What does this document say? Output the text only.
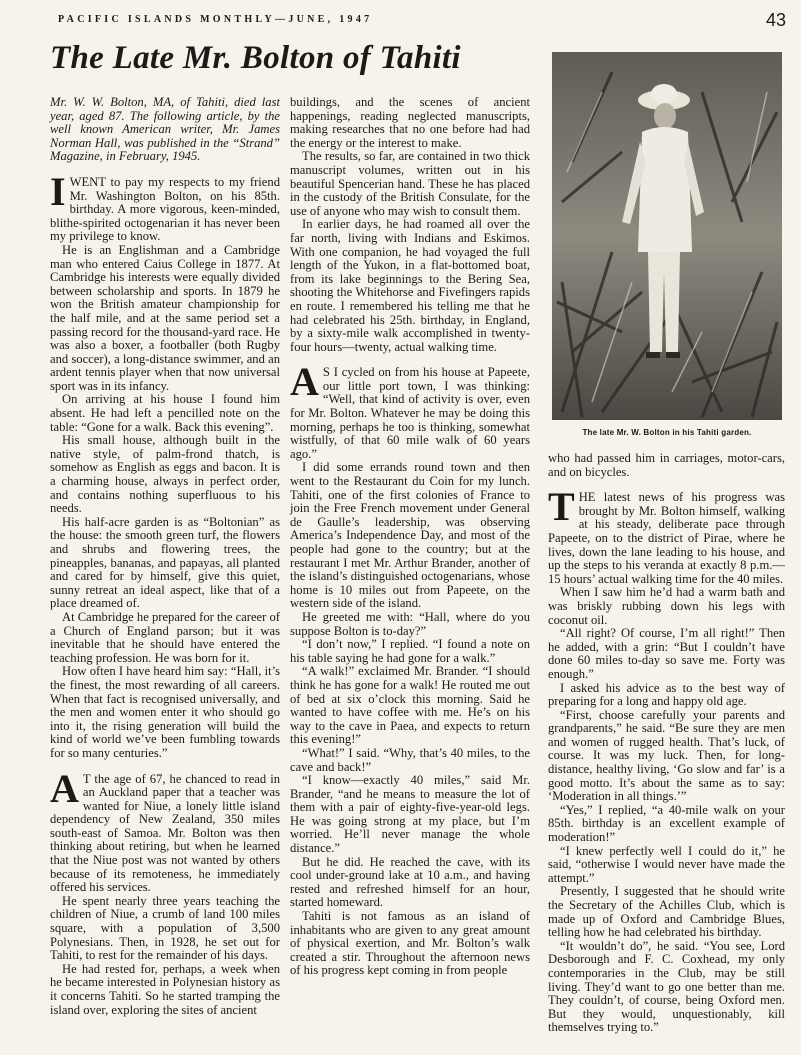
PACIFIC ISLANDS MONTHLY—JUNE, 1947	43
The Late Mr. Bolton of Tahiti

Mr. W. W. Bolton, MA, of Tahiti, died last year, aged 87. The following article, by the well known American writer, Mr. James Norman Hall, was published in the “Strand” Magazine, in February, 1945.

IWENT to pay my respects to my friend Mr. Washington Bolton, on his 85th. birthday. A more vigorous, keen-minded, blithe-spirited octogenarian it has never been my privilege to know.

He is an Englishman and a Cambridge man who entered Caius College in 1877. At Cambridge his interests were equally divided between scholarship and sports. In 1879 he won the British amateur championship for the half mile, and at the same period set a passing record for the thousand-yard race. He was also a boxer, a footballer (both Rugby and soccer), a long-distance swimmer, and an ardent tennis player when that now universal sport was in its infancy.

On arriving at his house I found him absent. He had left a pencilled note on the table: “Gone for a walk. Back this evening”.

His small house, although built in the native style, of palm-frond thatch, is somehow as English as eggs and bacon. It is a charming house, always in perfect order, and contains nothing superfluous to his needs.

His half-acre garden is as “Boltonian” as the house: the smooth green turf, the flowers and shrubs and flowering trees, the pineapples, bananas, and papayas, all planted and cared for by himself, give this quiet, sunny retreat an ideal aspect, like that of a place dreamed of.

At Cambridge he prepared for the career of a Church of England parson; but it was inevitable that he should have entered the teaching profession. He was born for it.

How often I have heard him say: “Hall, it’s the finest, the most rewarding of all careers. When that fact is recognised universally, and the men and women enter it who should go into it, the rising generation will build the kind of world we’ve been fumbling towards for so many centuries.”

A T the age of 67, he chanced to read in an Auckland paper that a teacher was wanted for Niue, a lonely little island dependency of New Zealand, 350 miles south-east of Samoa. Mr. Bolton was then thinking about retiring, but when he learned that the Niue post was not wanted by others because of its remoteness, he immediately offered his services.

He spent nearly three years teaching the children of Niue, a crumb of land 100 miles square, with a population of 3,500 Polynesians. Then, in 1928, he set out for Tahiti, to rest for the remainder of his days.

He had rested for, perhaps, a week when he became interested in Polynesian history as it concerns Tahiti. So he started tramping the island over, exploring the sites of ancient

buildings, and the scenes of ancient happenings, reading neglected manuscripts, making researches that no one before had had the energy or the interest to make.

The results, so far, are contained in two thick manuscript volumes, written out in his beautiful Spencerian hand. These he has placed in the custody of the British Consulate, for the use of anyone who may wish to consult them.

In earlier days, he had roamed all over the far north, living with Indians and Eskimos. With one companion, he had voyaged the full length of the Yukon, in a flat-bottomed boat, from its lake beginnings to the Bering Sea, shooting the Whitehorse and Fivefingers rapids en route. I remembered his telling me that he had celebrated his 25th. birthday, in England, by a sixty-mile walk accomplished in twenty-four hours—twenty, actual walking time.

A S I cycled on from his house at Papeete, our little port town, I was thinking: “Well, that kind of activity is over, even for Mr. Bolton. Whatever he may be doing this morning, perhaps he too is thinking, somewhat wistfully, of that 60 mile walk of 60 years ago.”

I did some errands round town and then went to the Restaurant du Coin for my lunch. Tahiti, one of the first colonies of France to join the Free French movement under General de Gaulle’s leadership, was observing America’s Independence Day, and most of the people had gone to the country; but at the restaurant I met Mr. Arthur Brander, another of the island’s distinguished octogenarians, whose home is 10 miles out from Papeete, on the western side of the island.

He greeted me with: “Hall, where do you suppose Bolton is to-day?”

“I don’t now,” I replied. “I found a note on his table saying he had gone for a walk.”

“A walk!” exclaimed Mr. Brander. “I should think he has gone for a walk! He routed me out of bed at six o’clock this morning. Said he wanted to have coffee with me. He’s on his way to the cave in Paea, and expects to return this evening!”

“What!” I said. “Why, that’s 40 miles, to the cave and back!”

“I know—exactly 40 miles,” said Mr. Brander, “and he means to measure the lot of them with a pair of eighty-five-year-old legs. He was going strong at my place, but I’m worried. He’ll never manage the whole distance.”

But he did. He reached the cave, with its cool under-ground lake at 10 a.m., and having rested and refreshed himself for an hour, started homeward.

Tahiti is not famous as an island of inhabitants who are given to any great amount of physical exertion, and Mr. Bolton’s walk created a stir. Throughout the afternoon news of his progress kept coming in from people

The late Mr. W. Bolton in his Tahiti garden.

who had passed him in carriages, motor-cars, and on bicycles.

THE latest news of his progress was brought by Mr. Bolton himself, walking at his steady, deliberate pace through Papeete, on to the district of Pirae, where he lives, down the lane leading to his house, and up the steps to his veranda at exactly 8 p.m.—15 hours’ actual walking time for the 40 miles.

When I saw him he’d had a warm bath and was briskly rubbing down his legs with coconut oil.

“All right? Of course, I’m all right!” Then he added, with a grin: “But I couldn’t have done 60 miles to-day so save me. Forty was enough.”

I asked his advice as to the best way of preparing for a long and happy old age.

“First, choose carefully your parents and grandparents,” he said. “Be sure they are men and women of rugged health. That’s luck, of course. It was my luck. Then, for long-distance, healthy living, ‘Go slow and far’ is a good motto. It’s about the same as to say: ‘Moderation in all things.’”

“Yes,” I replied, “a 40-mile walk on your 85th. birthday is an excellent example of moderation!”

“I knew perfectly well I could do it,” he said, “otherwise I would never have made the attempt.”

Presently, I suggested that he should write the Secretary of the Achilles Club, which is made up of Oxford and Cambridge Blues, telling how he had celebrated his birthday.

“It wouldn’t do”, he said. “You see, Lord Desborough and F. C. Coxhead, my only contemporaries in the Club, may be still living. They’d want to go one better than me. They couldn’t, of course, being Oxford men. But they would, unquestionably, kill themselves trying to.”
